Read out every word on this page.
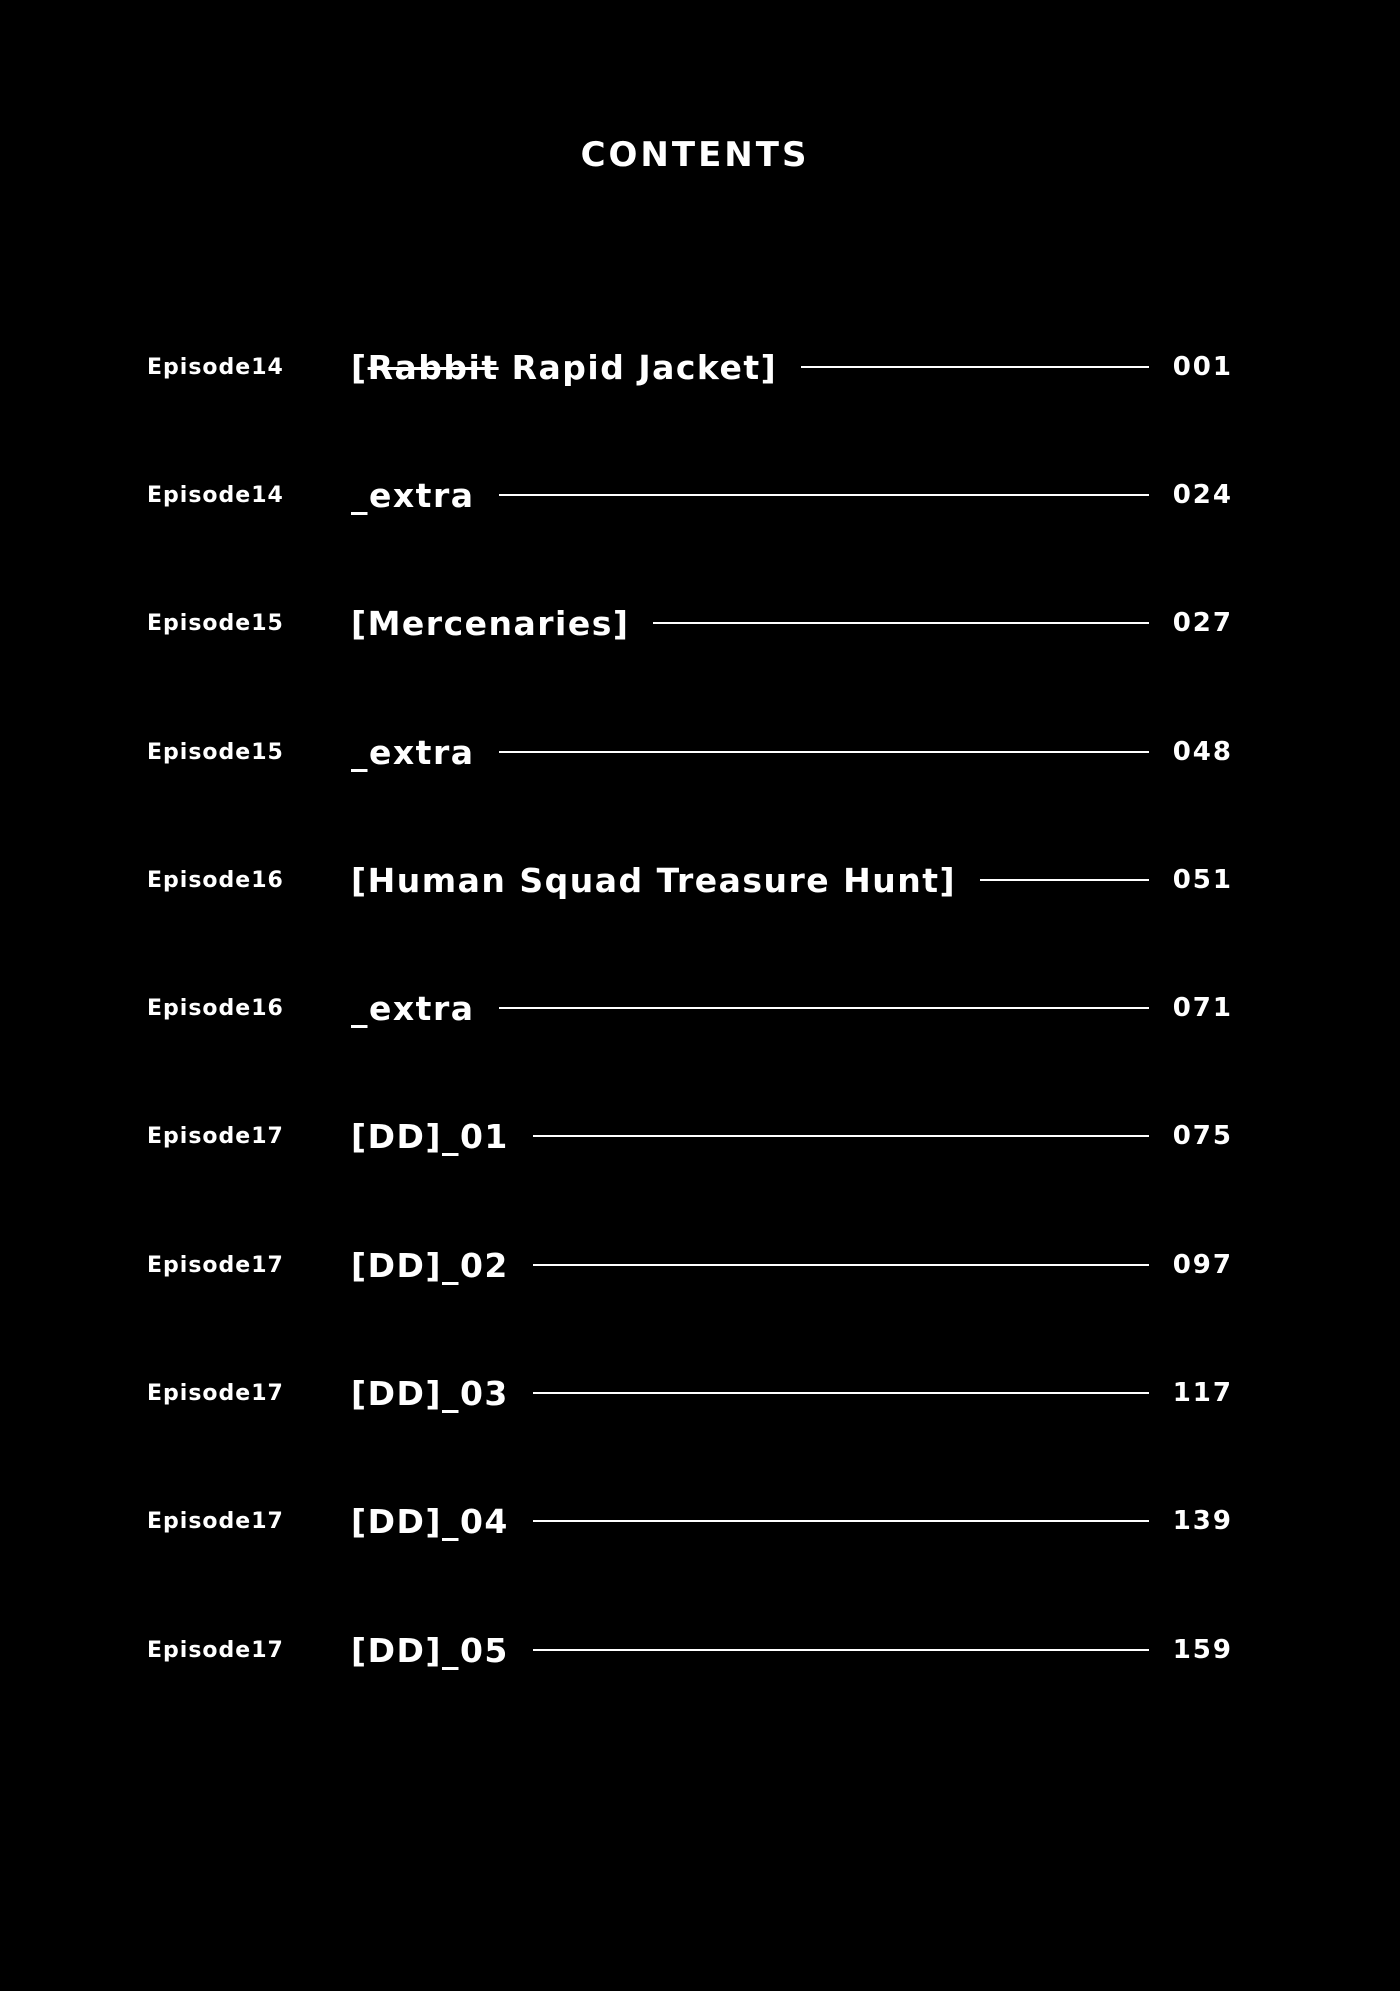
CONTENTS
Episode14	[Rabbit Rapid Jacket]	001
Episode14	_extra	024
Episode15	[Mercenaries]	027
Episode15	_extra	048
Episode16	[Human Squad Treasure Hunt]	051
Episode16	_extra	071
Episode17	[DD]_01	075
Episode17	[DD]_02	097
Episode17	[DD]_03	117
Episode17	[DD]_04	139
Episode17	[DD]_05	159
